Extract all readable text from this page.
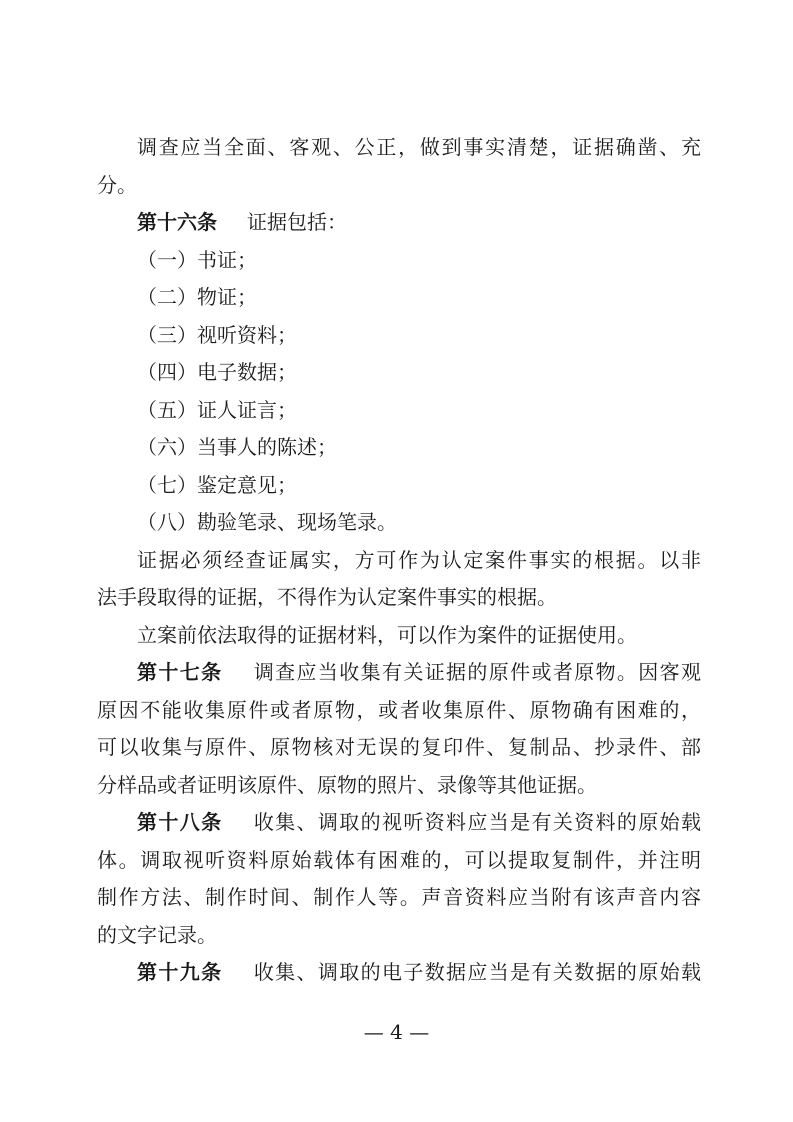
调查应当全面、客观、公正，做到事实清楚，证据确凿、充
分。
第十六条 证据包括：
（一）书证；
（二）物证；
（三）视听资料；
（四）电子数据；
（五）证人证言；
（六）当事人的陈述；
（七）鉴定意见；
（八）勘验笔录、现场笔录。
证据必须经查证属实，方可作为认定案件事实的根据。以非
法手段取得的证据，不得作为认定案件事实的根据。
立案前依法取得的证据材料，可以作为案件的证据使用。
第十七条 调查应当收集有关证据的原件或者原物。因客观
原因不能收集原件或者原物，或者收集原件、原物确有困难的，
可以收集与原件、原物核对无误的复印件、复制品、抄录件、部
分样品或者证明该原件、原物的照片、录像等其他证据。
第十八条 收集、调取的视听资料应当是有关资料的原始载
体。调取视听资料原始载体有困难的，可以提取复制件，并注明
制作方法、制作时间、制作人等。声音资料应当附有该声音内容
的文字记录。
第十九条 收集、调取的电子数据应当是有关数据的原始载
— 4 —
